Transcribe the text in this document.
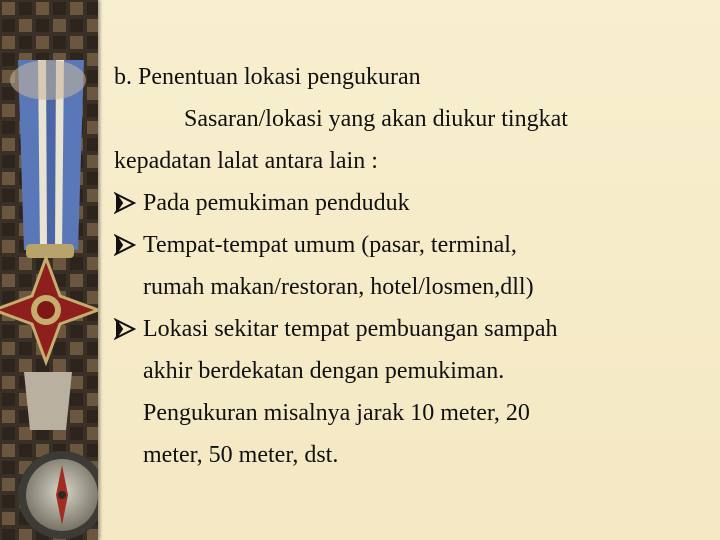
b. Penentuan lokasi pengukuran
Sasaran/lokasi yang akan diukur tingkat
kepadatan lalat antara lain :
Pada pemukiman penduduk
Tempat-tempat umum (pasar, terminal,
rumah makan/restoran, hotel/losmen,dll)
Lokasi sekitar tempat pembuangan sampah
akhir berdekatan dengan pemukiman.
Pengukuran misalnya jarak 10 meter, 20
meter, 50 meter, dst.
